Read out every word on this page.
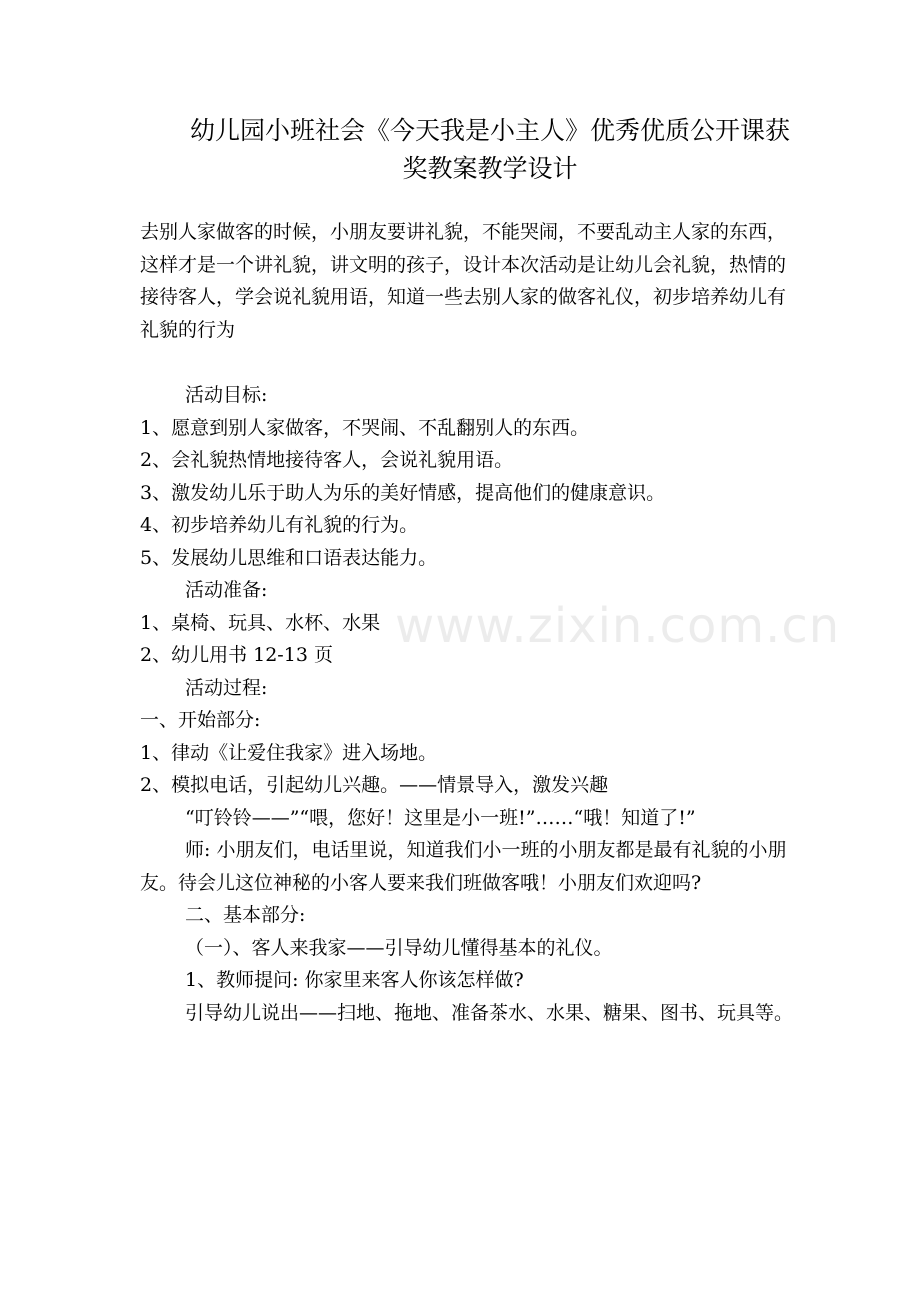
幼儿园小班社会《今天我是小主人》优秀优质公开课获
奖教案教学设计

去别人家做客的时候，小朋友要讲礼貌，不能哭闹，不要乱动主人家的东西，这样才是一个讲礼貌，讲文明的孩子，设计本次活动是让幼儿会礼貌，热情的接待客人，学会说礼貌用语，知道一些去别人家的做客礼仪，初步培养幼儿有礼貌的行为

活动目标:

1、愿意到别人家做客，不哭闹、不乱翻别人的东西。

2、会礼貌热情地接待客人，会说礼貌用语。

3、激发幼儿乐于助人为乐的美好情感，提高他们的健康意识。

4、初步培养幼儿有礼貌的行为。

5、发展幼儿思维和口语表达能力。

活动准备:

1、桌椅、玩具、水杯、水果

2、幼儿用书 12-13 页

活动过程:

一、开始部分:

1、律动《让爱住我家》进入场地。

2、模拟电话，引起幼儿兴趣。——情景导入，激发兴趣

“叮铃铃——”“喂，您好！这里是小一班!”……“哦！知道了!”

师: 小朋友们，电话里说，知道我们小一班的小朋友都是最有礼貌的小朋友。待会儿这位神秘的小客人要来我们班做客哦！小朋友们欢迎吗?

二、基本部分:

（一）、客人来我家——引导幼儿懂得基本的礼仪。

1、教师提问: 你家里来客人你该怎样做?

引导幼儿说出——扫地、拖地、准备茶水、水果、糖果、图书、玩具等。

www.zixin.com.cn
